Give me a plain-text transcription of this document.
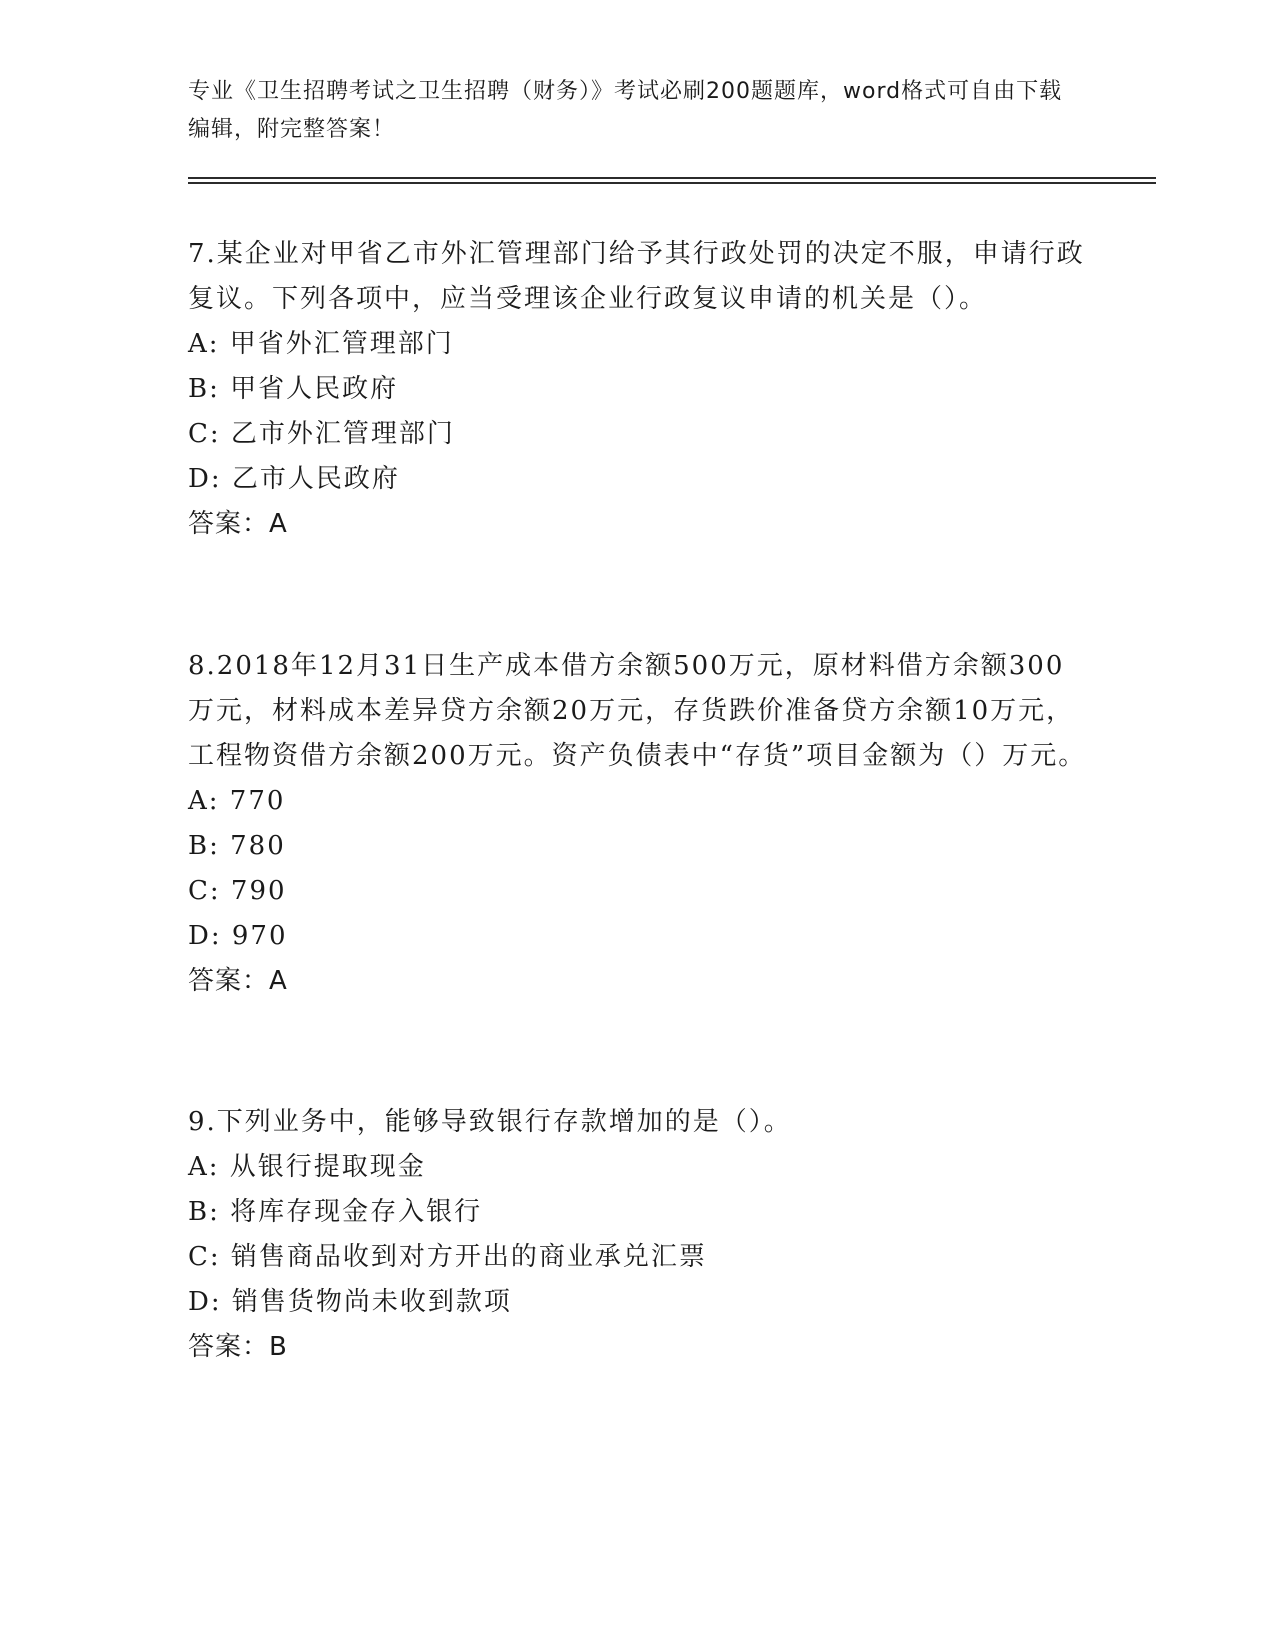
专业《卫生招聘考试之卫生招聘（财务）》考试必刷200题题库，word格式可自由下载编辑，附完整答案！

7.某企业对甲省乙市外汇管理部门给予其行政处罚的决定不服，申请行政复议。下列各项中，应当受理该企业行政复议申请的机关是（）。

A: 甲省外汇管理部门
B: 甲省人民政府
C: 乙市外汇管理部门
D: 乙市人民政府
答案：A

8.2018年12月31日生产成本借方余额500万元，原材料借方余额300万元，材料成本差异贷方余额20万元，存货跌价准备贷方余额10万元，工程物资借方余额200万元。资产负债表中“存货”项目金额为（）万元。

A: 770
B: 780
C: 790
D: 970
答案：A

9.下列业务中，能够导致银行存款增加的是（）。

A: 从银行提取现金
B: 将库存现金存入银行
C: 销售商品收到对方开出的商业承兑汇票
D: 销售货物尚未收到款项
答案：B
